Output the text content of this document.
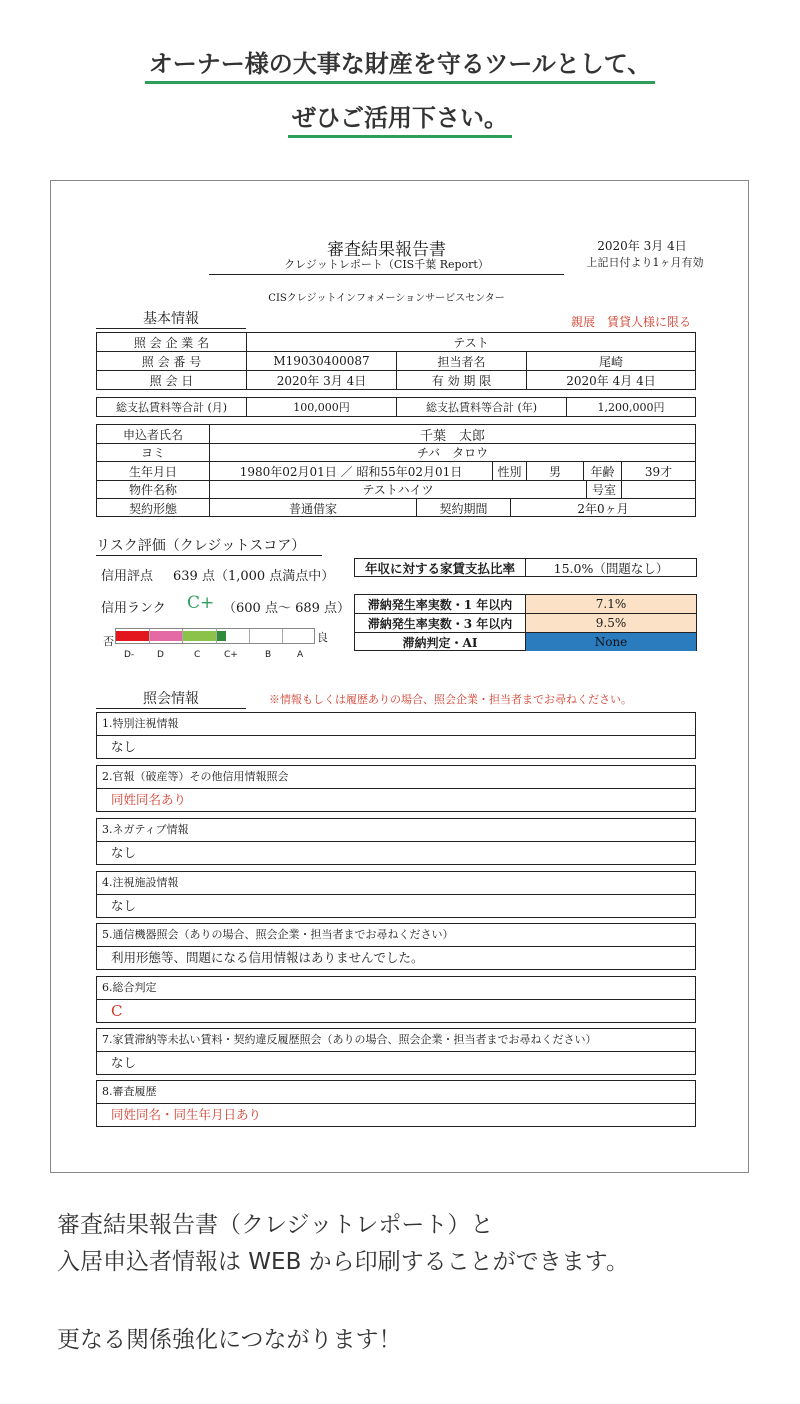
オーナー様の大事な財産を守るツールとして、
ぜひご活用下さい。
審査結果報告書
クレジットレポート（CIS千葉 Report）
2020年 3月 4日
上記日付より1ヶ月有効
CISクレジットインフォメーションサービスセンター
基本情報	親展　賃貸人様に限る
照 会 企 業 名	テスト
照 会 番 号	M19030400087	担当者名	尾崎
照 会 日	2020年 3月 4日	有 効 期 限	2020年 4月 4日
総支払賃料等合計 (月)	100,000円	総支払賃料等合計 (年)	1,200,000円
申込者氏名	千葉　太郎
ヨミ	チバ　タロウ
生年月日	1980年02月01日 ／ 昭和55年02月01日	性別	男	年齢	39才
物件名称	テストハイツ	号室
契約形態	普通借家	契約期間	2年0ヶ月
リスク評価（クレジットスコア）
信用評点 639 点（1,000 点満点中）
信用ランク C+ （600 点～ 689 点）
否	良
D-	D	C	C+	B	A
年収に対する家賃支払比率	15.0%（問題なし）
滞納発生率実数・1 年以内	7.1%
滞納発生率実数・3 年以内	9.5%
滞納判定・AI	None
照会情報	※情報もしくは履歴ありの場合、照会企業・担当者までお尋ねください。
1.特別注視情報
なし
2.官報（破産等）その他信用情報照会
同姓同名あり
3.ネガティブ情報
なし
4.注視施設情報
なし
5.通信機器照会（ありの場合、照会企業・担当者までお尋ねください）
利用形態等、問題になる信用情報はありませんでした。
6.総合判定
C
7.家賃滞納等未払い賃料・契約違反履歴照会（ありの場合、照会企業・担当者までお尋ねください）
なし
8.審査履歴
同姓同名・同生年月日あり
審査結果報告書（クレジットレポート）と
入居申込者情報は WEB から印刷することができます。
更なる関係強化につながります！
